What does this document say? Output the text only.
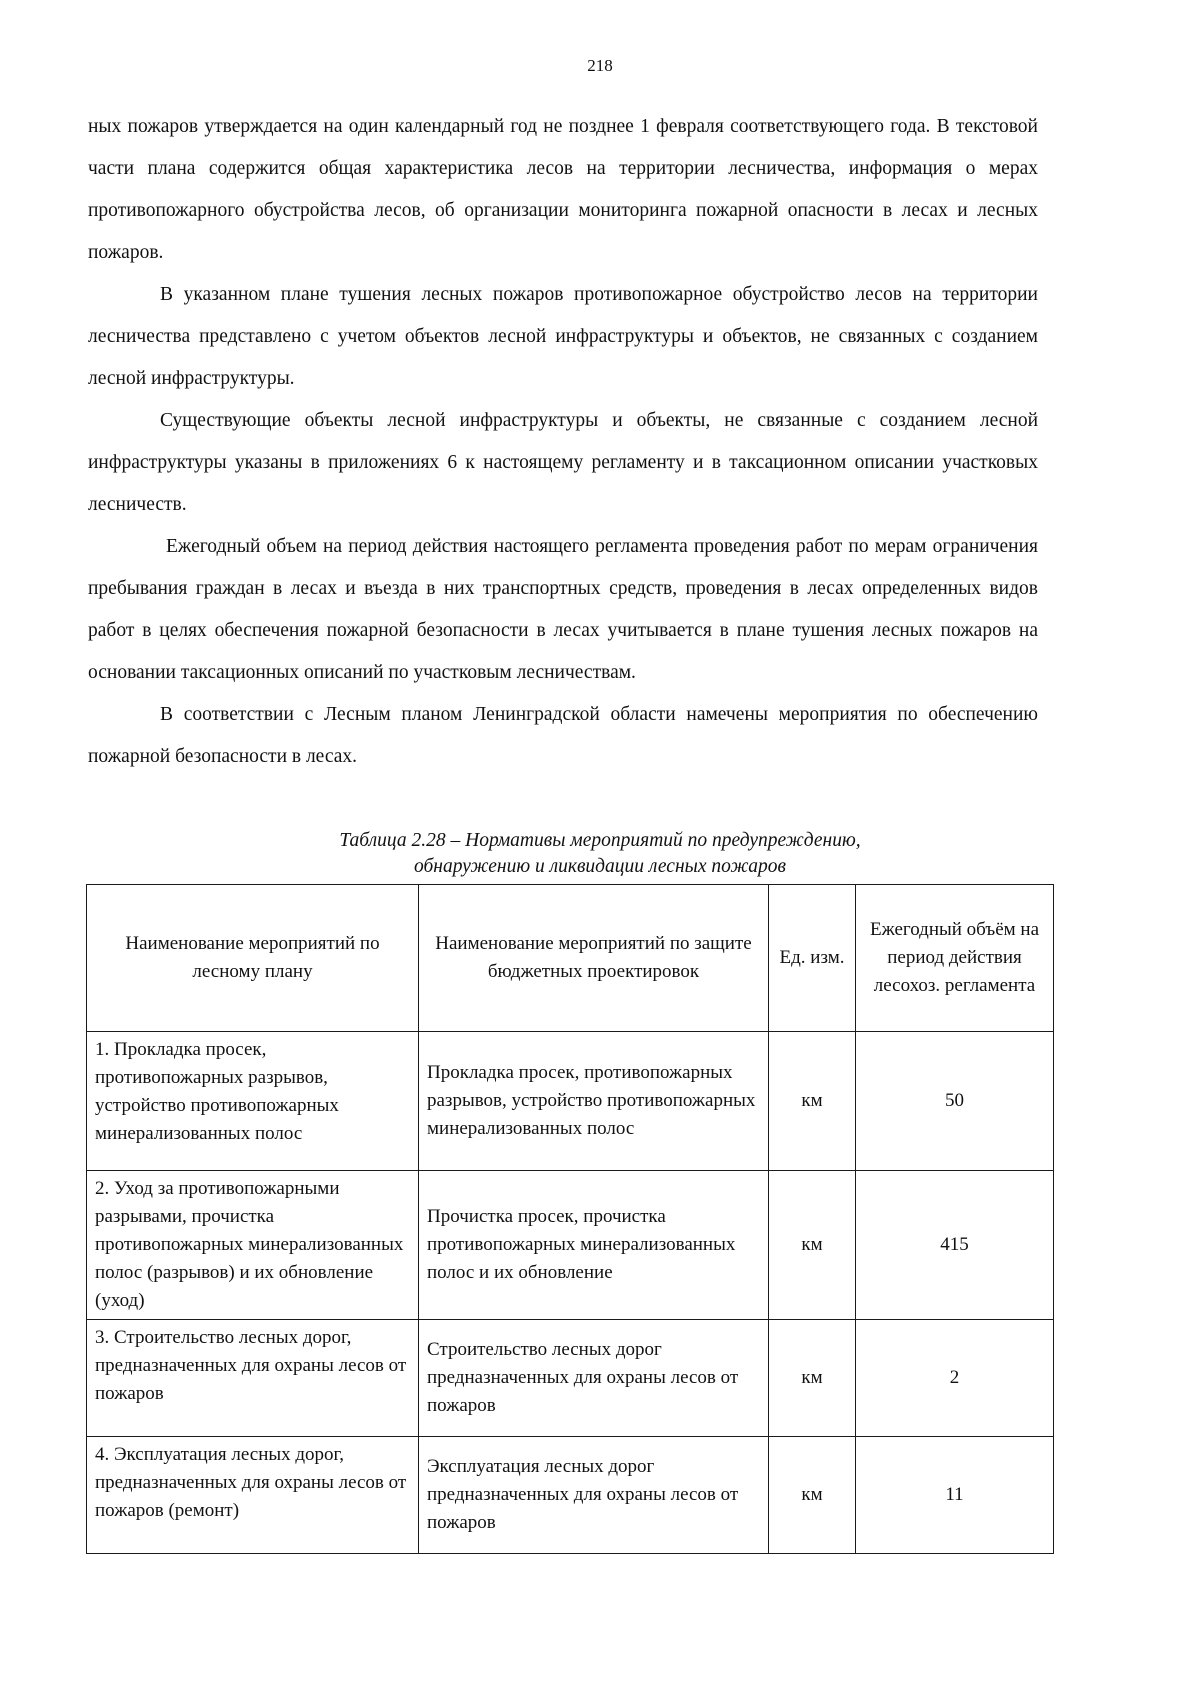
218

ных пожаров утверждается на один календарный год не позднее 1 февраля соответствующего года. В текстовой части плана содержится общая характеристика лесов на территории лесничества, информация о мерах противопожарного обустройства лесов, об организации мониторинга пожарной опасности в лесах и лесных пожаров.

В указанном плане тушения лесных пожаров противопожарное обустройство лесов на территории лесничества представлено с учетом объектов лесной инфраструктуры и объектов, не связанных с созданием лесной инфраструктуры.

Существующие объекты лесной инфраструктуры и объекты, не связанные с созданием лесной инфраструктуры указаны в приложениях 6 к настоящему регламенту и в таксационном описании участковых лесничеств.

Ежегодный объем на период действия настоящего регламента проведения работ по мерам ограничения пребывания граждан в лесах и въезда в них транспортных средств, проведения в лесах определенных видов работ в целях обеспечения пожарной безопасности в лесах учитывается в плане тушения лесных пожаров на основании таксационных описаний по участковым лесничествам.

В соответствии с Лесным планом Ленинградской области намечены мероприятия по обеспечению пожарной безопасности в лесах.

Таблица 2.28 – Нормативы мероприятий по предупреждению,
обнаружению и ликвидации лесных пожаров
Наименование мероприятий по лесному плану	Наименование мероприятий по защите бюджетных проектировок	Ед. изм.	Ежегодный объём на период действия лесохоз. регламента
1. Прокладка просек, противопожарных разрывов, устройство противопожарных минерализованных полос	Прокладка просек, противопожарных разрывов, устройство противопожарных минерализованных полос	км	50
2. Уход за противопожарными разрывами, прочистка противопожарных минерализованных полос (разрывов) и их обновление (уход)	Прочистка просек, прочистка противопожарных минерализованных полос и их обновление	км	415
3. Строительство лесных дорог, предназначенных для охраны лесов от пожаров	Строительство лесных дорог предназначенных для охраны лесов от пожаров	км	2
4. Эксплуатация лесных дорог, предназначенных для охраны лесов от пожаров (ремонт)	Эксплуатация лесных дорог предназначенных для охраны лесов от пожаров	км	11
